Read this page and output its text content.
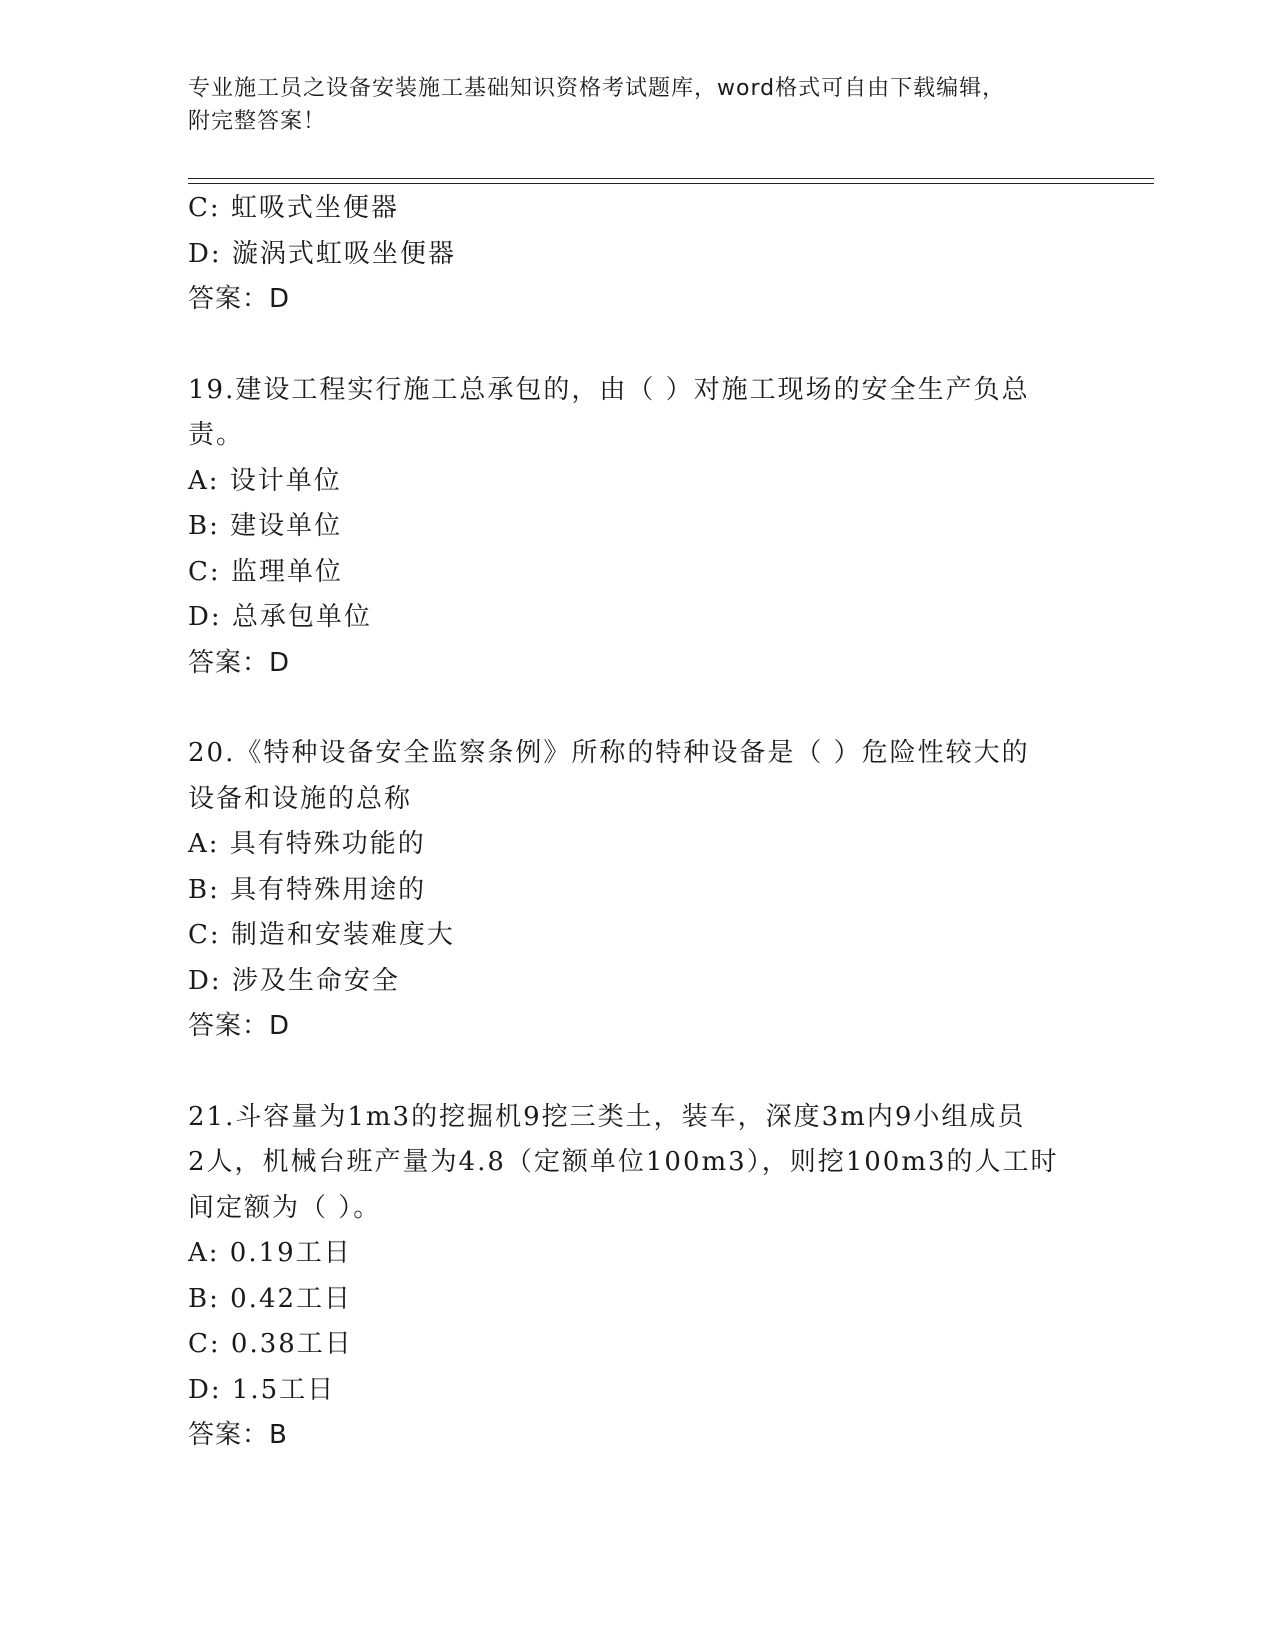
专业施工员之设备安装施工基础知识资格考试题库，word格式可自由下载编辑，
附完整答案！
C: 虹吸式坐便器
D: 漩涡式虹吸坐便器
答案：D
19.建设工程实行施工总承包的，由（ ）对施工现场的安全生产负总
责。
A: 设计单位
B: 建设单位
C: 监理单位
D: 总承包单位
答案：D
20.《特种设备安全监察条例》所称的特种设备是（ ）危险性较大的
设备和设施的总称
A: 具有特殊功能的
B: 具有特殊用途的
C: 制造和安装难度大
D: 涉及生命安全
答案：D
21.斗容量为1m3的挖掘机9挖三类土，装车，深度3m内9小组成员
2人，机械台班产量为4.8（定额单位100m3），则挖100m3的人工时
间定额为（ ）。
A: 0.19工日
B: 0.42工日
C: 0.38工日
D: 1.5工日
答案：B
